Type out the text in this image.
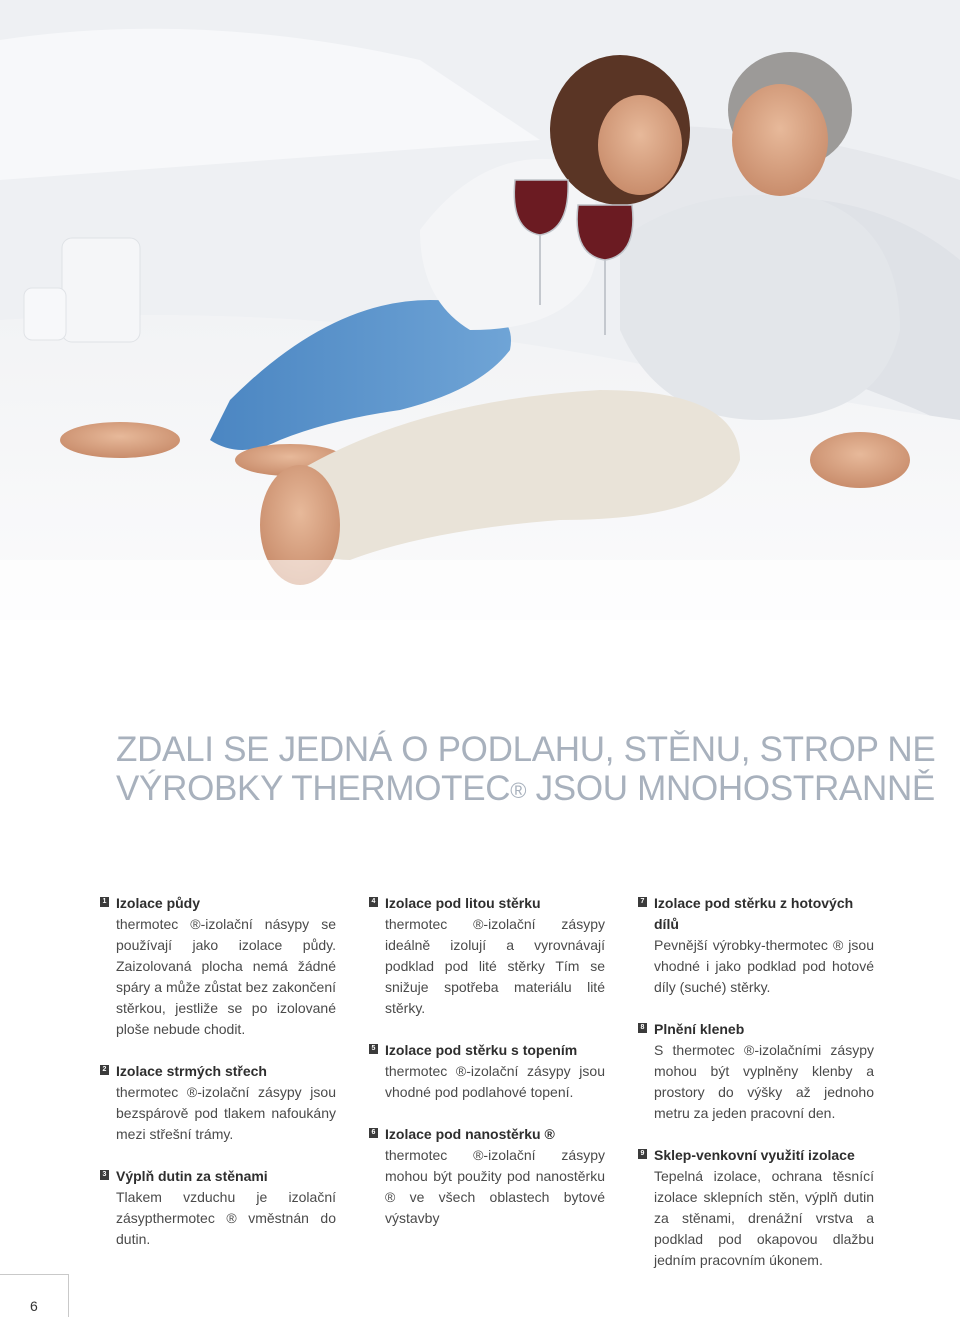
ZDALI SE JEDNÁ O PODLAHU, STĚNU, STROP NE
VÝROBKY THERMOTEC® JSOU MNOHOSTRANNĚ
1 Izolace půdy
thermotec ®-izolační násypy se používají jako izolace půdy. Zaizolovaná plocha nemá žádné spáry a může zůstat bez zakončení stěrkou, jestliže se po izolované ploše nebude chodit.
2 Izolace strmých střech
thermotec ®-izolační zásypy jsou bezspárově pod tlakem nafoukány mezi střešní trámy.
3 Výplň dutin za stěnami
Tlakem vzduchu je izolační zásypthermotec ® vměstnán do dutin.
4 Izolace pod litou stěrku
thermotec ®-izolační zásypy ideálně izolují a vyrovnávají podklad pod lité stěrky Tím se snižuje spotřeba materiálu lité stěrky.
5 Izolace pod stěrku s topením
thermotec ®-izolační zásypy jsou vhodné pod podlahové topení.
6 Izolace pod nanostěrku ®
thermotec ®-izolační zásypy mohou být použity pod nanostěrku ® ve všech oblastech bytové výstavby
7 Izolace pod stěrku z hotových dílů
Pevnější výrobky-thermotec ® jsou vhodné i jako podklad pod hotové díly (suché) stěrky.
8 Plnění kleneb
S thermotec ®-izolačními zásypy mohou být vyplněny klenby a prostory do výšky až jednoho metru za jeden pracovní den.
9 Sklep-venkovní využití izolace
Tepelná izolace, ochrana těsnící izolace sklepních stěn, výplň dutin za stěnami, drenážní vrstva a podklad pod okapovou dlažbu jedním pracovním úkonem.
6
